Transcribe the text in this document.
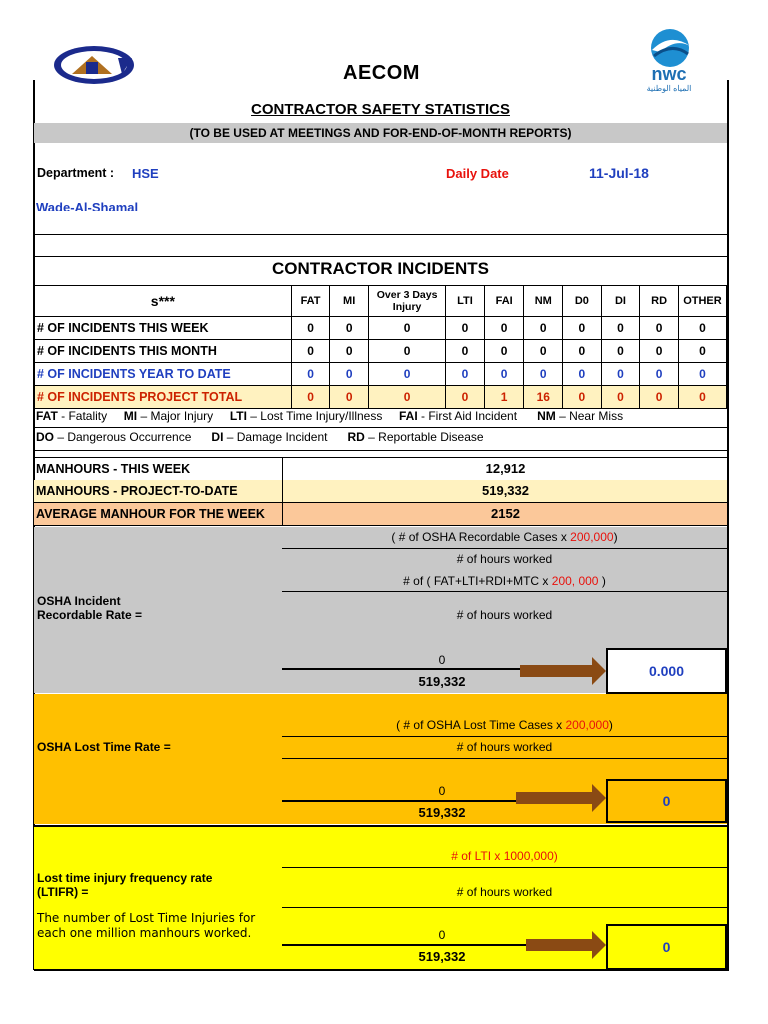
AECOM	nwc
المياه الوطنية
CONTRACTOR SAFETY STATISTICS
(TO BE USED AT MEETINGS AND FOR-END-OF-MONTH REPORTS)
Department : HSE	Daily Date	11-Jul-18
Wade-Al-Shamal
CONTRACTOR INCIDENTS
s***	FAT	MI	Over 3 Days Injury	LTI	FAI	NM	D0	DI	RD	OTHER
# OF INCIDENTS THIS WEEK	0	0	0	0	0	0	0	0	0	0
# OF INCIDENTS THIS MONTH	0	0	0	0	0	0	0	0	0	0
# OF INCIDENTS YEAR TO DATE	0	0	0	0	0	0	0	0	0	0
# OF INCIDENTS PROJECT TOTAL	0	0	0	0	1	16	0	0	0	0
FAT - Fatality MI – Major Injury LTI – Lost Time Injury/Illness FAI - First Aid Incident NM – Near Miss
DO – Dangerous Occurrence DI – Damage Incident RD – Reportable Disease
MANHOURS - THIS WEEK	12,912
MANHOURS - PROJECT-TO-DATE	519,332
AVERAGE MANHOUR FOR THE WEEK	2152
( # of OSHA Recordable Cases x 200,000)
# of hours worked
# of ( FAT+LTI+RDI+MTC x 200, 000 )
# of hours worked
OSHA Incident
Recordable Rate =
0
519,332
0.000
( # of OSHA Lost Time Cases x 200,000)
# of hours worked
OSHA Lost Time Rate =
0
519,332
0
# of LTI x 1000,000)
# of hours worked
Lost time injury frequency rate
(LTIFR) =
The number of Lost Time Injuries for each one million manhours worked.	0
519,332
0
